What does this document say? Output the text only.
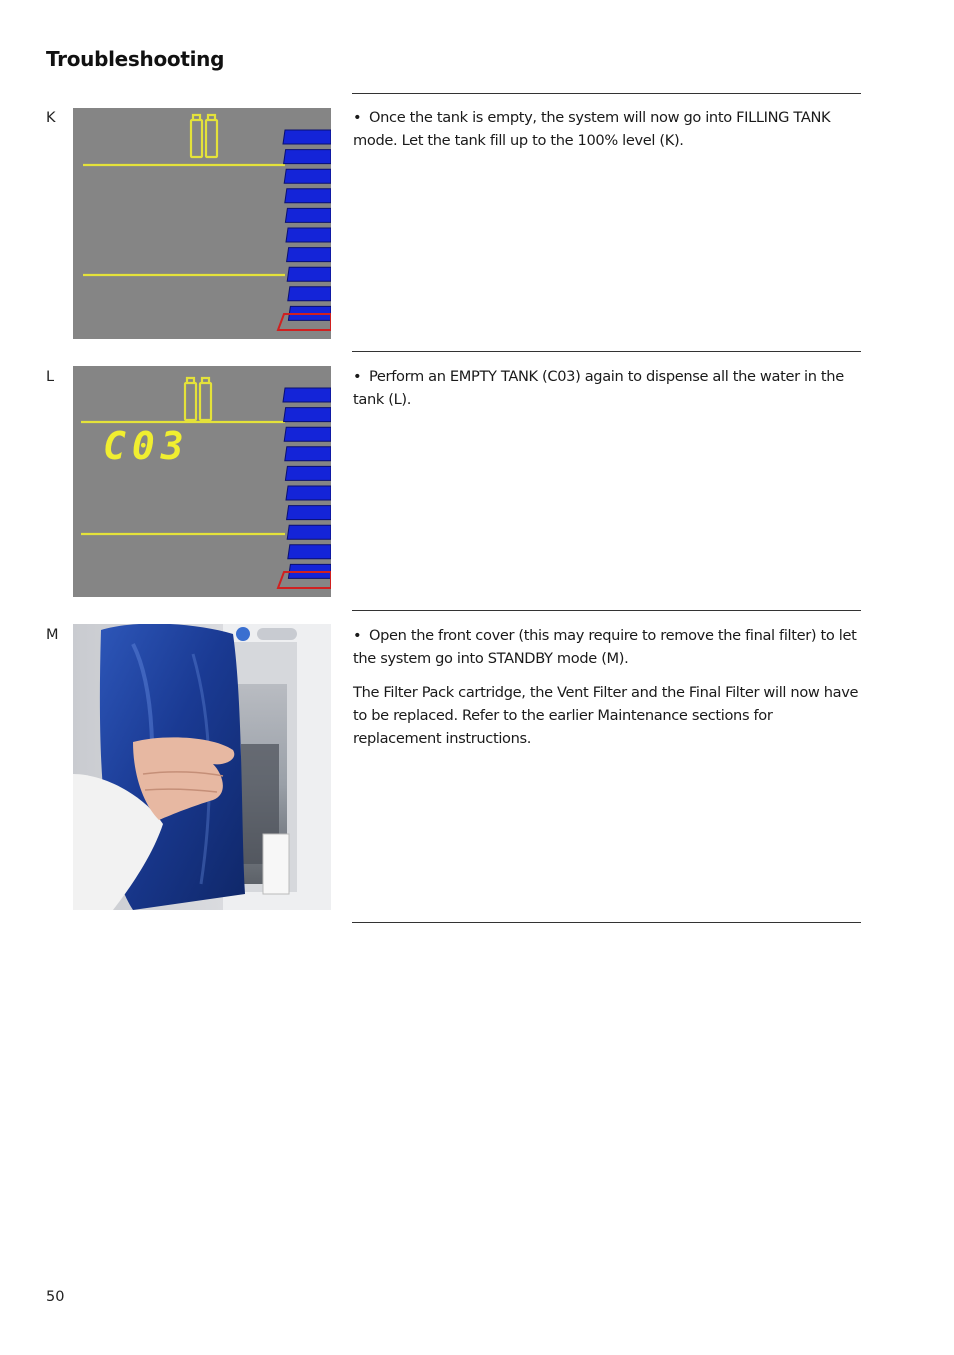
Troubleshooting
K	• Once the tank is empty, the system will now go into FILLING TANK mode. Let the tank fill up to the 100% level (K).

L
C03

• Perform an EMPTY TANK (C03) again to dispense all the water in the tank (L).

M	• Open the front cover (this may require to remove the final filter) to let the system go into STANDBY mode (M).

The Filter Pack cartridge, the Vent Filter and the Final Filter will now have to be replaced. Refer to the earlier Maintenance sections for replacement instructions.

50
